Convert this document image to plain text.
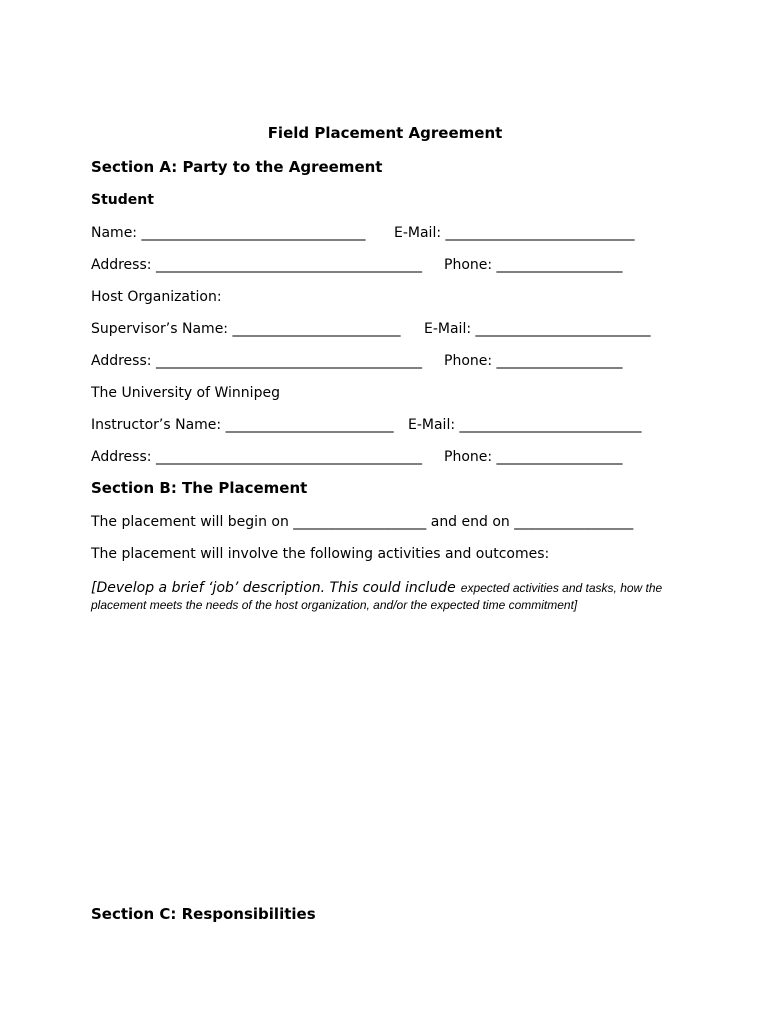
Field Placement Agreement
Section A: Party to the Agreement
Student
Name: ________________________________ E-Mail: ___________________________
Address: ______________________________________ Phone: __________________
Host Organization:
Supervisor’s Name: ________________________ E-Mail: _________________________
Address: ______________________________________ Phone: __________________
The University of Winnipeg
Instructor’s Name: ________________________ E-Mail: __________________________
Address: ______________________________________ Phone: __________________
Section B: The Placement
The placement will begin on ___________________ and end on _________________
The placement will involve the following activities and outcomes:
[Develop a brief ‘job’ description. This could include expected activities and tasks, how the placement meets the needs of the host organization, and/or the expected time commitment]
Section C: Responsibilities
